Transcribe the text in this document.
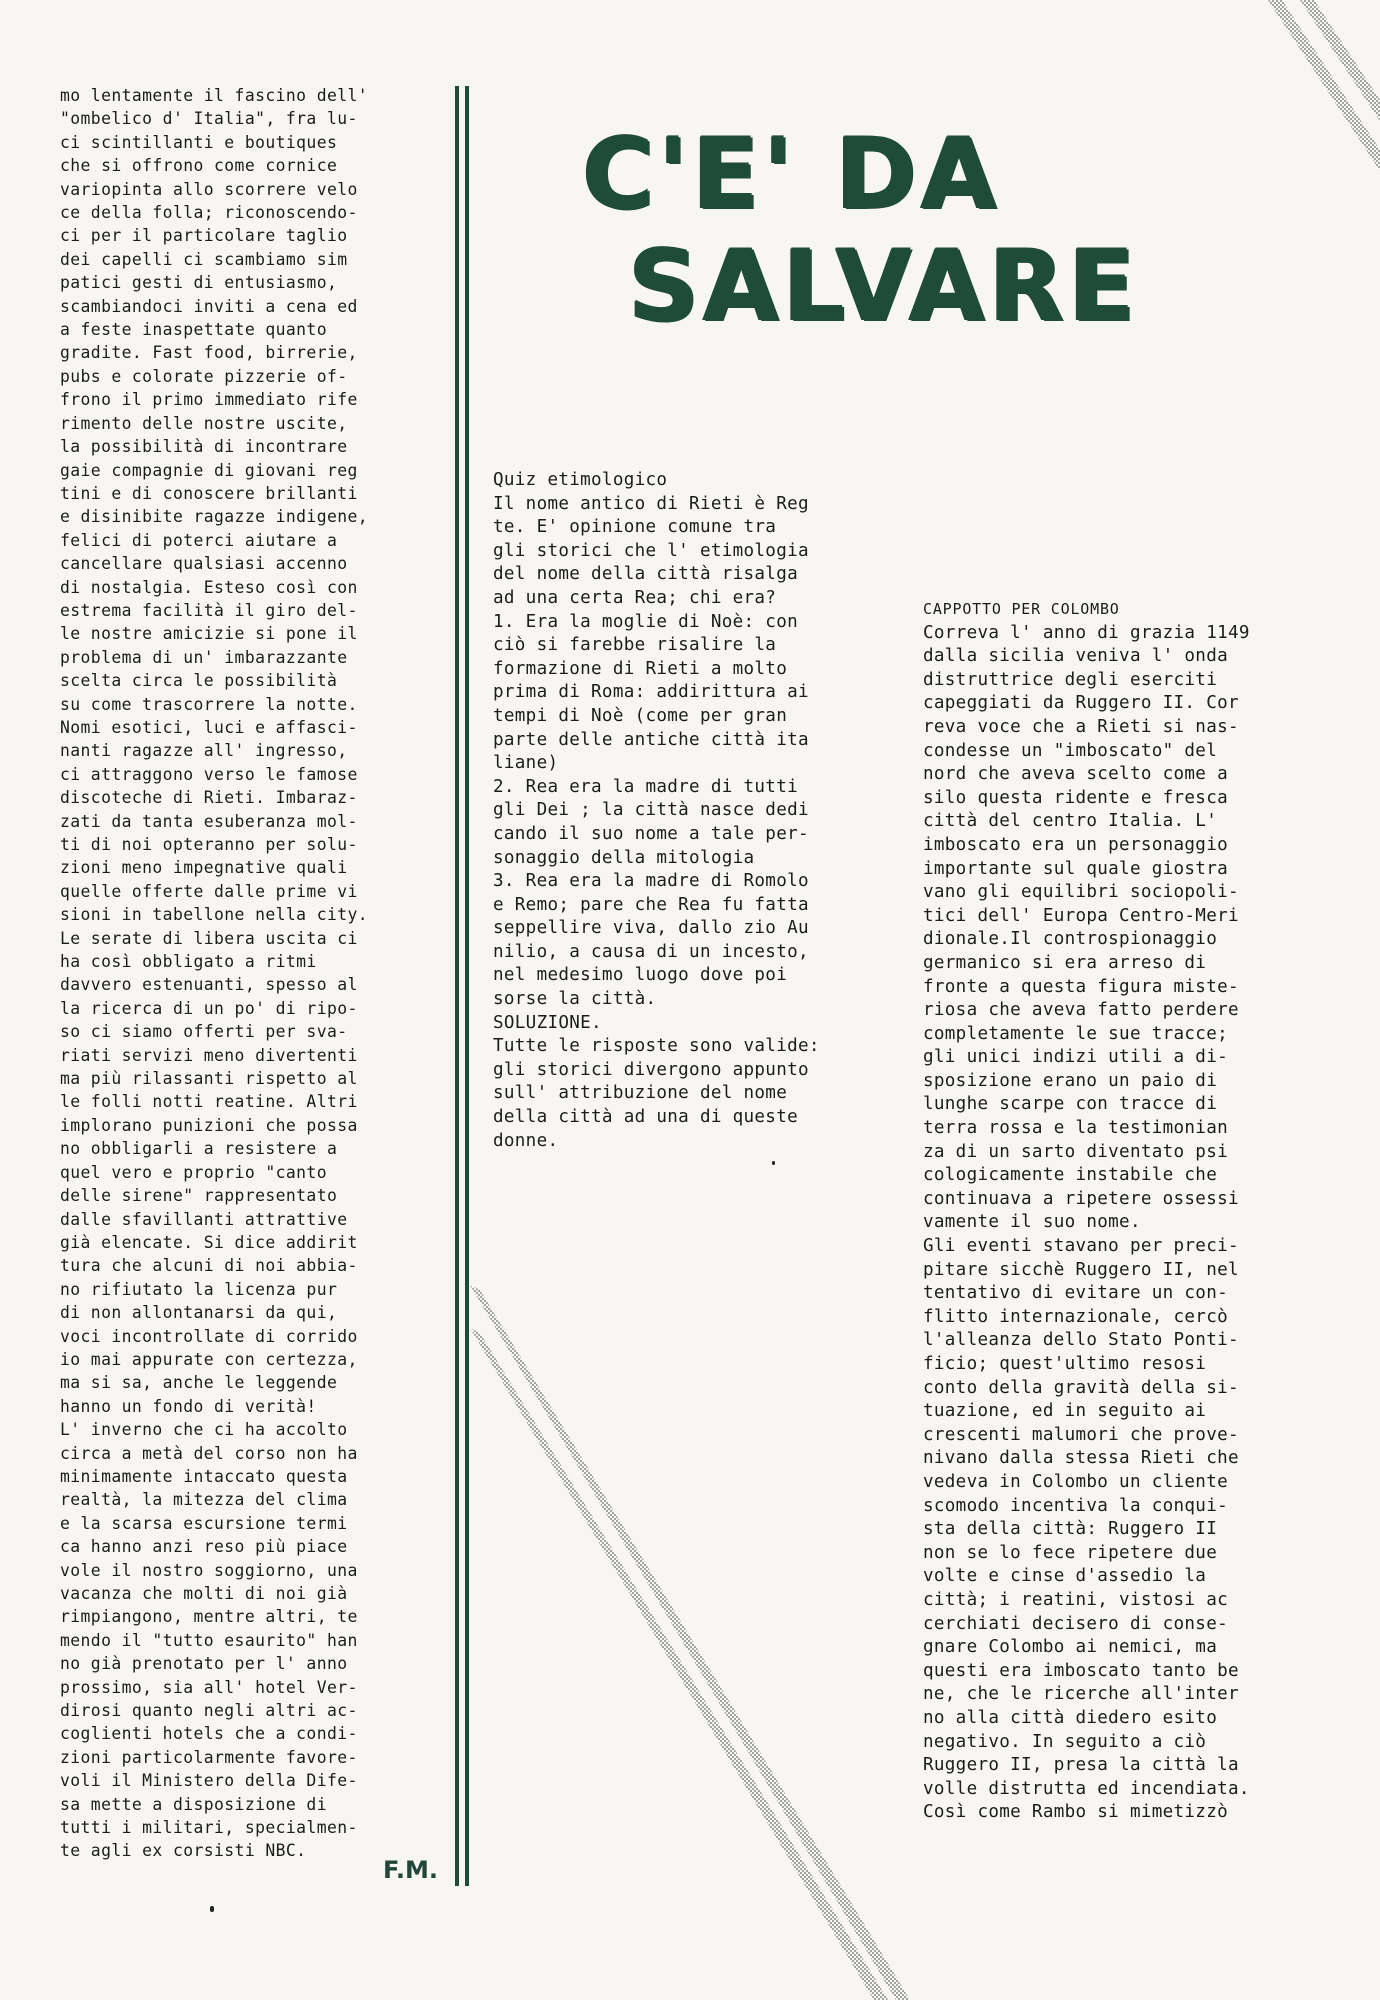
mo lentamente il fascino dell'

"ombelico d' Italia", fra lu-

ci scintillanti e boutiques

che si offrono come cornice

variopinta allo scorrere velo

ce della folla; riconoscendo-

ci per il particolare taglio

dei capelli ci scambiamo sim

patici gesti di entusiasmo,

scambiandoci inviti a cena ed

a feste inaspettate quanto

gradite. Fast food, birrerie,

pubs e colorate pizzerie of-

frono il primo immediato rife

rimento delle nostre uscite,

la possibilità di incontrare

gaie compagnie di giovani reg

tini e di conoscere brillanti

e disinibite ragazze indigene,

felici di poterci aiutare a

cancellare qualsiasi accenno

di nostalgia. Esteso così con

estrema facilità il giro del-

le nostre amicizie si pone il

problema di un' imbarazzante

scelta circa le possibilità

su come trascorrere la notte.

Nomi esotici, luci e affasci-

nanti ragazze all' ingresso,

ci attraggono verso le famose

discoteche di Rieti. Imbaraz-

zati da tanta esuberanza mol-

ti di noi opteranno per solu-

zioni meno impegnative quali

quelle offerte dalle prime vi

sioni in tabellone nella city.

Le serate di libera uscita ci

ha così obbligato a ritmi

davvero estenuanti, spesso al

la ricerca di un po' di ripo-

so ci siamo offerti per sva-

riati servizi meno divertenti

ma più rilassanti rispetto al

le folli notti reatine. Altri

implorano punizioni che possa

no obbligarli a resistere a

quel vero e proprio "canto

delle sirene" rappresentato

dalle sfavillanti attrattive

già elencate. Si dice addirit

tura che alcuni di noi abbia-

no rifiutato la licenza pur

di non allontanarsi da qui,

voci incontrollate di corrido

io mai appurate con certezza,

ma si sa, anche le leggende

hanno un fondo di verità!

L' inverno che ci ha accolto

circa a metà del corso non ha

minimamente intaccato questa

realtà, la mitezza del clima

e la scarsa escursione termi

ca hanno anzi reso più piace

vole il nostro soggiorno, una

vacanza che molti di noi già

rimpiangono, mentre altri, te

mendo il "tutto esaurito" han

no già prenotato per l' anno

prossimo, sia all' hotel Ver-

dirosi quanto negli altri ac-

coglienti hotels che a condi-

zioni particolarmente favore-

voli il Ministero della Dife-

sa mette a disposizione di

tutti i militari, specialmen-

te agli ex corsisti NBC.

F.M.
C'E' DA
SALVARE

Quiz etimologico

Il nome antico di Rieti è Reg

te. E' opinione comune tra

gli storici che l' etimologia

del nome della città risalga

ad una certa Rea; chi era?

1. Era la moglie di Noè: con

ciò si farebbe risalire la

formazione di Rieti a molto

prima di Roma: addirittura ai

tempi di Noè (come per gran

parte delle antiche città ita

liane)

2. Rea era la madre di tutti

gli Dei ; la città nasce dedi

cando il suo nome a tale per-

sonaggio della mitologia

3. Rea era la madre di Romolo

e Remo; pare che Rea fu fatta

seppellire viva, dallo zio Au

nilio, a causa di un incesto,

nel medesimo luogo dove poi

sorse la città.

SOLUZIONE.

Tutte le risposte sono valide:

gli storici divergono appunto

sull' attribuzione del nome

della città ad una di queste

donne.

CAPPOTTO PER COLOMBO

Correva l' anno di grazia 1149

dalla sicilia veniva l' onda

distruttrice degli eserciti

capeggiati da Ruggero II. Cor

reva voce che a Rieti si nas-

condesse un "imboscato" del

nord che aveva scelto come a

silo questa ridente e fresca

città del centro Italia. L'

imboscato era un personaggio

importante sul quale giostra

vano gli equilibri sociopoli-

tici dell' Europa Centro-Meri

dionale.Il controspionaggio

germanico si era arreso di

fronte a questa figura miste-

riosa che aveva fatto perdere

completamente le sue tracce;

gli unici indizi utili a di-

sposizione erano un paio di

lunghe scarpe con tracce di

terra rossa e la testimonian

za di un sarto diventato psi

cologicamente instabile che

continuava a ripetere ossessi

vamente il suo nome.

Gli eventi stavano per preci-

pitare sicchè Ruggero II, nel

tentativo di evitare un con-

flitto internazionale, cercò

l'alleanza dello Stato Ponti-

ficio; quest'ultimo resosi

conto della gravità della si-

tuazione, ed in seguito ai

crescenti malumori che prove-

nivano dalla stessa Rieti che

vedeva in Colombo un cliente

scomodo incentiva la conqui-

sta della città: Ruggero II

non se lo fece ripetere due

volte e cinse d'assedio la

città; i reatini, vistosi ac

cerchiati decisero di conse-

gnare Colombo ai nemici, ma

questi era imboscato tanto be

ne, che le ricerche all'inter

no alla città diedero esito

negativo. In seguito a ciò

Ruggero II, presa la città la

volle distrutta ed incendiata.

Così come Rambo si mimetizzò
